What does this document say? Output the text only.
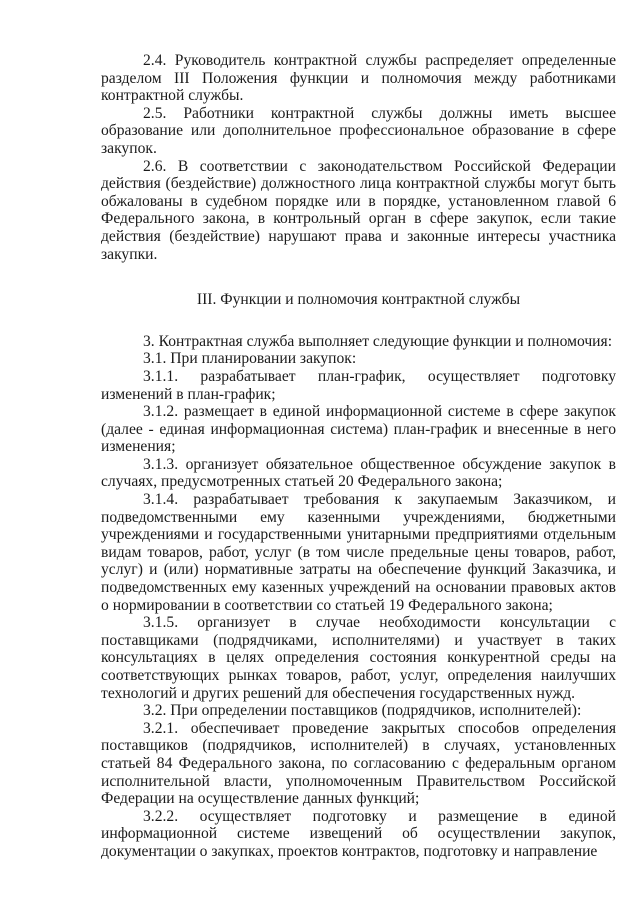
2.4. Руководитель контрактной службы распределяет определенные разделом III Положения функции и полномочия между работниками контрактной службы.

2.5. Работники контрактной службы должны иметь высшее образование или дополнительное профессиональное образование в сфере закупок.

2.6. В соответствии с законодательством Российской Федерации действия (бездействие) должностного лица контрактной службы могут быть обжалованы в судебном порядке или в порядке, установленном главой 6 Федерального закона, в контрольный орган в сфере закупок, если такие действия (бездействие) нарушают права и законные интересы участника закупки.

III. Функции и полномочия контрактной службы

3. Контрактная служба выполняет следующие функции и полномочия:

3.1. При планировании закупок:

3.1.1. разрабатывает план-график, осуществляет подготовку изменений в план-график;

3.1.2. размещает в единой информационной системе в сфере закупок (далее - единая информационная система) план-график и внесенные в него изменения;

3.1.3. организует обязательное общественное обсуждение закупок в случаях, предусмотренных статьей 20 Федерального закона;

3.1.4. разрабатывает требования к закупаемым Заказчиком, и подведомственными ему казенными учреждениями, бюджетными учреждениями и государственными унитарными предприятиями отдельным видам товаров, работ, услуг (в том числе предельные цены товаров, работ, услуг) и (или) нормативные затраты на обеспечение функций Заказчика, и подведомственных ему казенных учреждений на основании правовых актов о нормировании в соответствии со статьей 19 Федерального закона;

3.1.5. организует в случае необходимости консультации с поставщиками (подрядчиками, исполнителями) и участвует в таких консультациях в целях определения состояния конкурентной среды на соответствующих рынках товаров, работ, услуг, определения наилучших технологий и других решений для обеспечения государственных нужд.

3.2. При определении поставщиков (подрядчиков, исполнителей):

3.2.1. обеспечивает проведение закрытых способов определения поставщиков (подрядчиков, исполнителей) в случаях, установленных статьей 84 Федерального закона, по согласованию с федеральным органом исполнительной власти, уполномоченным Правительством Российской Федерации на осуществление данных функций;

3.2.2. осуществляет подготовку и размещение в единой информационной системе извещений об осуществлении закупок, документации о закупках, проектов контрактов, подготовку и направление
